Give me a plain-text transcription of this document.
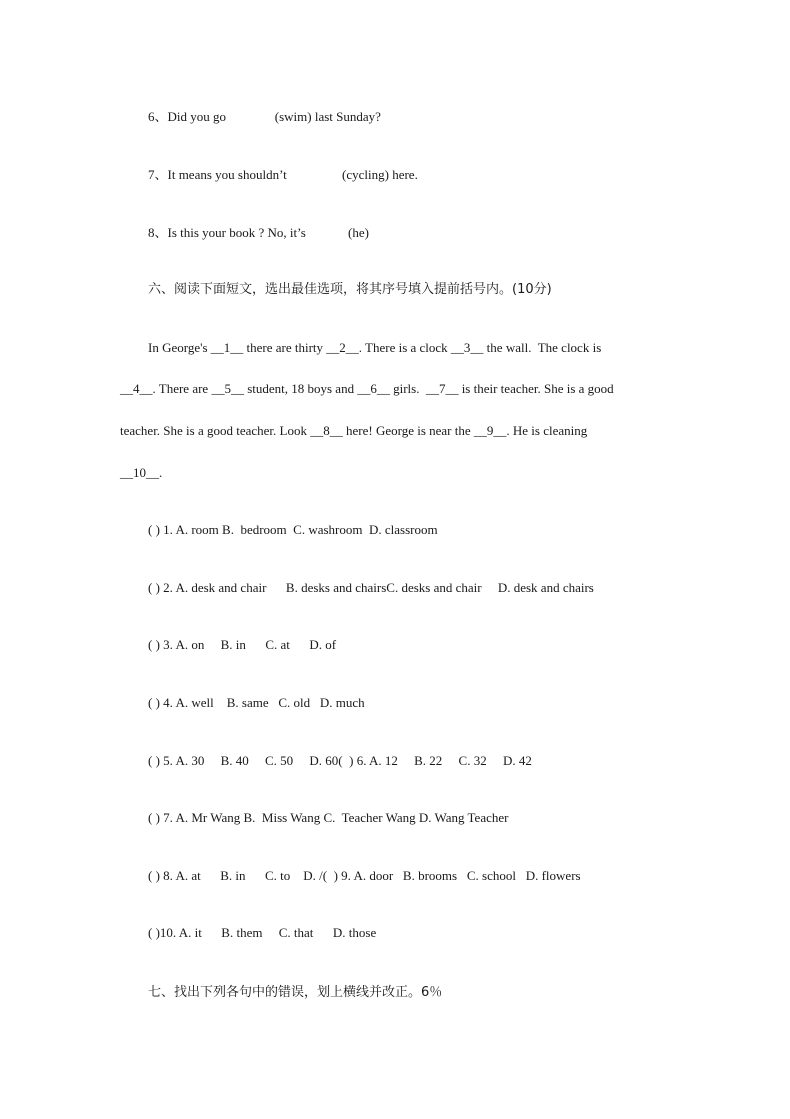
6、Did you go               (swim) last Sunday?
7、It means you shouldn’t                 (cycling) here.
8、Is this your book ? No, it’s             (he)
六、阅读下面短文，选出最佳选项，将其序号填入提前括号内。(10分)
In George's __1__ there are thirty __2__. There is a clock __3__ the wall.  The clock is
__4__. There are __5__ student, 18 boys and __6__ girls.  __7__ is their teacher. She is a good
teacher. She is a good teacher. Look __8__ here! George is near the __9__. He is cleaning
__10__.
( ) 1. A. room B.  bedroom  C. washroom  D. classroom
( ) 2. A. desk and chair      B. desks and chairsC. desks and chair     D. desk and chairs
( ) 3. A. on     B. in      C. at      D. of
( ) 4. A. well    B. same   C. old   D. much
( ) 5. A. 30     B. 40     C. 50     D. 60(  ) 6. A. 12     B. 22     C. 32     D. 42
( ) 7. A. Mr Wang B.  Miss Wang C.  Teacher Wang D. Wang Teacher
( ) 8. A. at      B. in      C. to    D. /(  ) 9. A. door   B. brooms   C. school   D. flowers
( )10. A. it      B. them     C. that      D. those
七、找出下列各句中的错误，划上横线并改正。6％
